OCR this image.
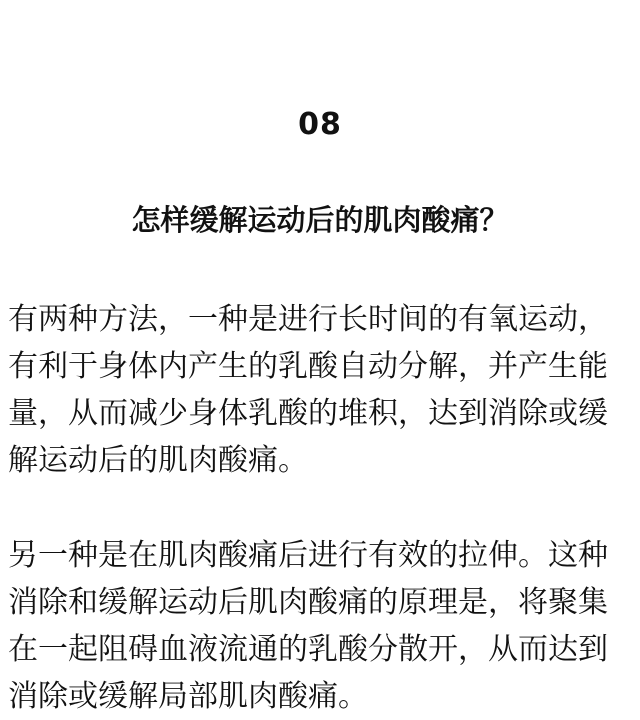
08
怎样缓解运动后的肌肉酸痛？

有两种方法，一种是进行长时间的有氧运动，有利于身体内产生的乳酸自动分解，并产生能量，从而减少身体乳酸的堆积，达到消除或缓解运动后的肌肉酸痛。

另一种是在肌肉酸痛后进行有效的拉伸。这种消除和缓解运动后肌肉酸痛的原理是，将聚集在一起阻碍血液流通的乳酸分散开，从而达到消除或缓解局部肌肉酸痛。
